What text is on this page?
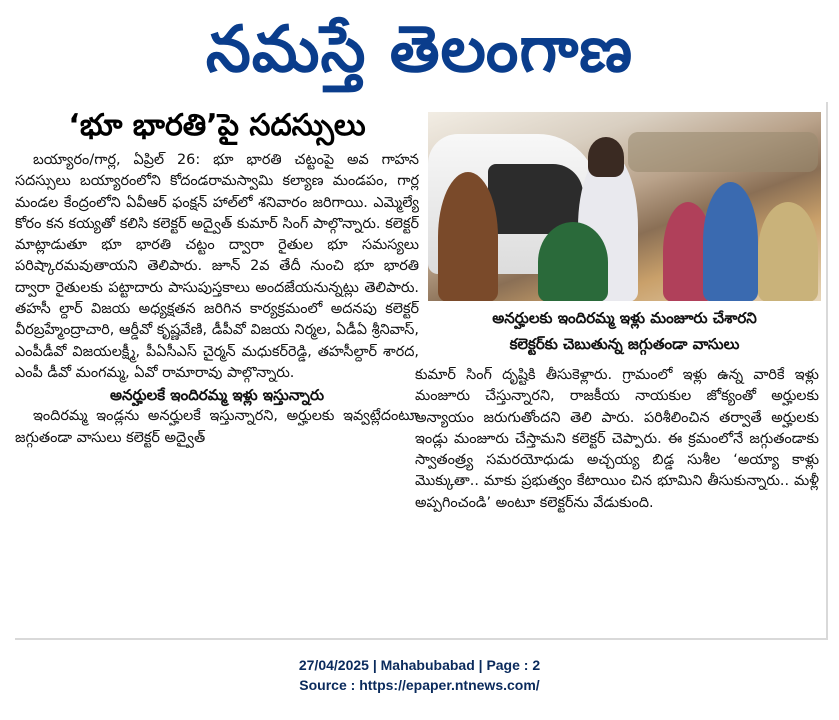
నమస్తే తెలంగాణ
‘భూ భారతి’పై సదస్సులు

బయ్యారం/గార్ల, ఏప్రిల్ 26: భూ భారతి చట్టంపై అవ గాహన సదస్సులు బయ్యారంలోని కోదండరామస్వామి కల్యాణ మండపం, గార్ల మండల కేంద్రంలోని ఏవీఆర్ ఫంక్షన్ హాల్‌లో శనివారం జరిగాయి. ఎమ్మెల్యే కోరం కన కయ్యతో కలిసి కలెక్టర్ అద్వైత్ కుమార్ సింగ్ పాల్గొన్నారు. కలెక్టర్ మాట్లాడుతూ భూ భారతి చట్టం ద్వారా రైతుల భూ సమస్యలు పరిష్కారమవుతాయని తెలిపారు. జూన్ 2వ తేదీ నుంచి భూ భారతి ద్వారా రైతులకు పట్టాదారు పాసుపుస్తకాలు అందజేయనున్నట్లు తెలిపారు. తహసీ ల్దార్ విజయ అధ్యక్షతన జరిగిన కార్యక్రమంలో అదనపు కలెక్టర్ వీరబ్రహ్మేంద్రాచారి, ఆర్డీవో కృష్ణవేణి, డీపీవో విజయ నిర్మల, ఏడీఏ శ్రీనివాస్, ఎంపీడీవో విజయలక్ష్మీ, పీఏసీఎస్ చైర్మన్ మధుకర్‌రెడ్డి, తహసీల్దార్ శారద, ఎంపీ డీవో మంగమ్మ, ఏవో రామారావు పాల్గొన్నారు.

అనర్హులకే ఇందిరమ్మ ఇళ్లు ఇస్తున్నారు

ఇందిరమ్మ ఇండ్లను అనర్హులకే ఇస్తున్నారని, అర్హులకు ఇవ్వట్లేదంటూ జగ్గుతండా వాసులు కలెక్టర్ అద్వైత్

అనర్హులకు ఇందిరమ్మ ఇళ్లు మంజూరు చేశారని
కలెక్టర్‌కు చెబుతున్న జగ్గుతండా వాసులు

కుమార్ సింగ్ దృష్టికి తీసుకెళ్లారు. గ్రామంలో ఇళ్లు ఉన్న వారికే ఇళ్లు మంజూరు చేస్తున్నారని, రాజకీయ నాయకుల జోక్యంతో అర్హులకు అన్యాయం జరుగుతోందని తెలి పారు. పరిశీలించిన తర్వాతే అర్హులకు ఇండ్లు మంజూరు చేస్తామని కలెక్టర్ చెప్పారు. ఈ క్రమంలోనే జగ్గుతండాకు స్వాతంత్ర్య సమరయోధుడు అచ్చయ్య బిడ్డ సుశీల ‘అయ్యా కాళ్లు మొక్కుతా.. మాకు ప్రభుత్వం కేటాయిం చిన భూమిని తీసుకున్నారు.. మళ్లీ అప్పగించండి’ అంటూ కలెక్టర్‌ను వేడుకుంది.

27/04/2025 | Mahabubabad | Page : 2
Source : https://epaper.ntnews.com/
